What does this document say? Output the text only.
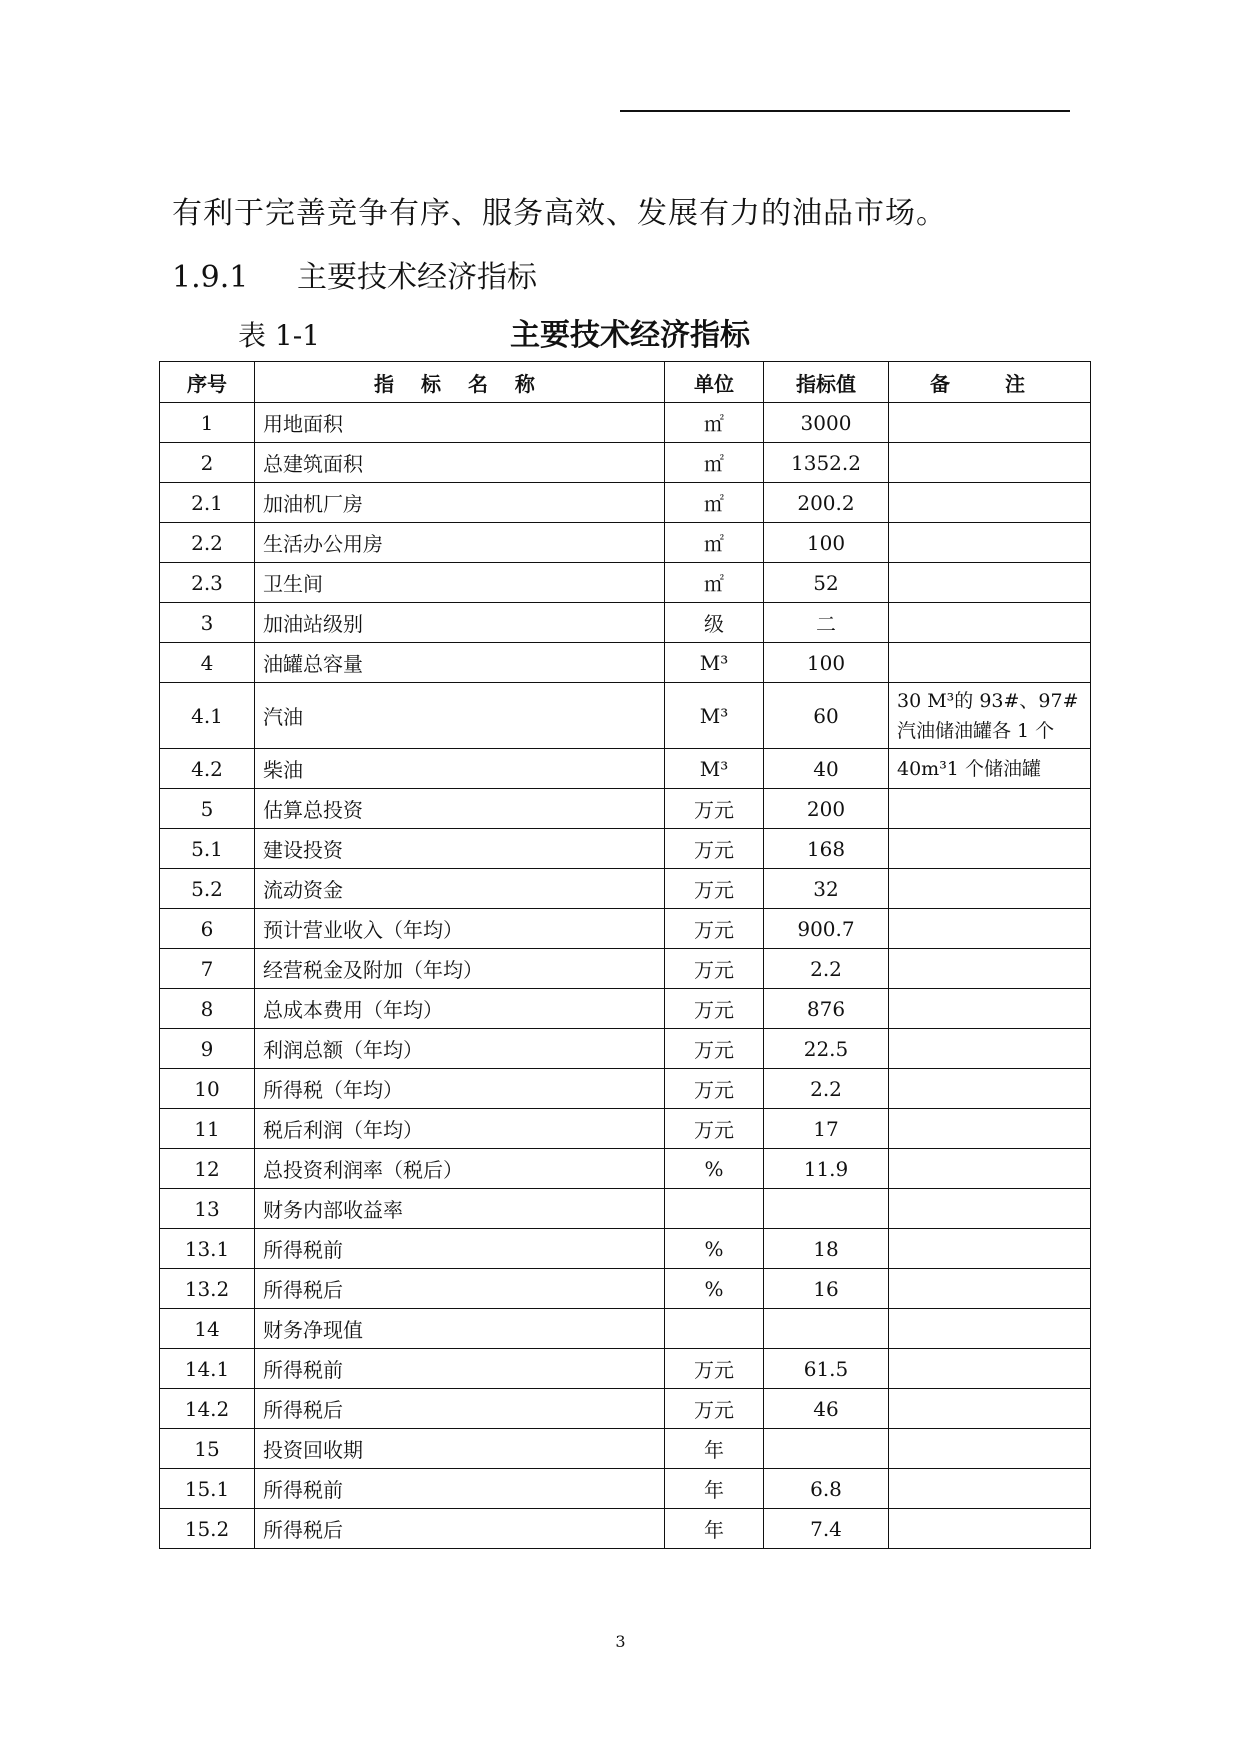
有利于完善竞争有序、服务高效、发展有力的油品市场。
1.9.1 主要技术经济指标
表 1-1	主要技术经济指标
序号	指 标 名 称	单位	指标值	备 注
1	用地面积	㎡	3000	
2	总建筑面积	㎡	1352.2	
2.1	加油机厂房	㎡	200.2	
2.2	生活办公用房	㎡	100	
2.3	卫生间	㎡	52	
3	加油站级别	级	二	
4	油罐总容量	M³	100	
4.1	汽油	M³	60	30 M³的 93#、97#汽油储油罐各 1 个
4.2	柴油	M³	40	40m³1 个储油罐
5	估算总投资	万元	200	
5.1	建设投资	万元	168	
5.2	流动资金	万元	32	
6	预计营业收入（年均）	万元	900.7	
7	经营税金及附加（年均）	万元	2.2	
8	总成本费用（年均）	万元	876	
9	利润总额（年均）	万元	22.5	
10	所得税（年均）	万元	2.2	
11	税后利润（年均）	万元	17	
12	总投资利润率（税后）	%	11.9	
13	财务内部收益率			
13.1	所得税前	%	18	
13.2	所得税后	%	16	
14	财务净现值			
14.1	所得税前	万元	61.5	
14.2	所得税后	万元	46	
15	投资回收期	年		
15.1	所得税前	年	6.8	
15.2	所得税后	年	7.4	
3
